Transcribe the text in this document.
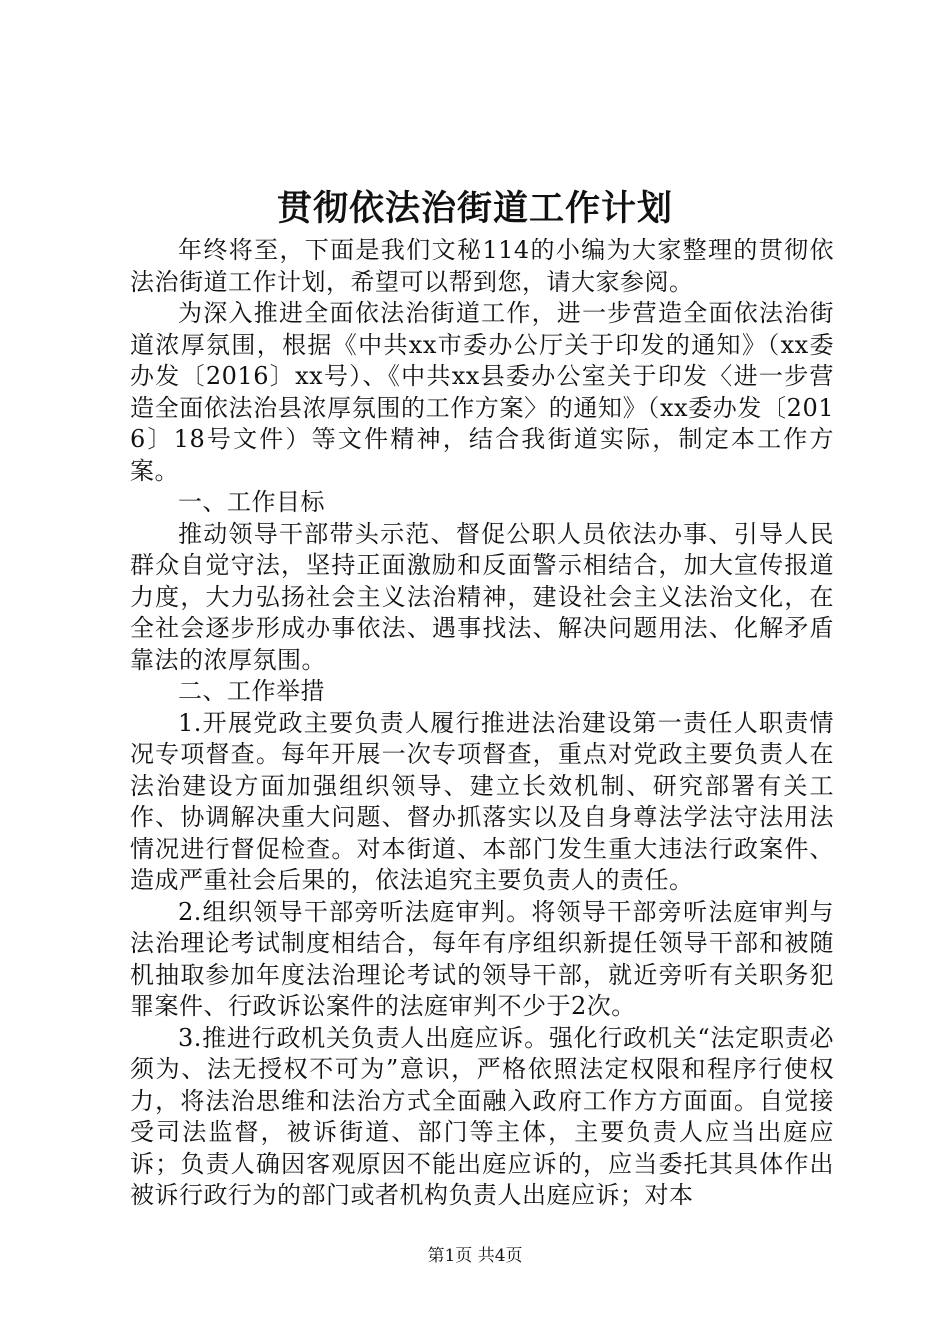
贯彻依法治街道工作计划

年终将至，下面是我们文秘114的小编为大家整理的贯彻依法治街道工作计划，希望可以帮到您，请大家参阅。

为深入推进全面依法治街道工作，进一步营造全面依法治街道浓厚氛围，根据《中共xx市委办公厅关于印发的通知》（xx委办发〔2016〕xx号）、《中共xx县委办公室关于印发〈进一步营造全面依法治县浓厚氛围的工作方案〉的通知》（xx委办发〔2016〕18号文件）等文件精神，结合我街道实际，制定本工作方案。

一、工作目标

推动领导干部带头示范、督促公职人员依法办事、引导人民群众自觉守法，坚持正面激励和反面警示相结合，加大宣传报道力度，大力弘扬社会主义法治精神，建设社会主义法治文化，在全社会逐步形成办事依法、遇事找法、解决问题用法、化解矛盾靠法的浓厚氛围。

二、工作举措

1.开展党政主要负责人履行推进法治建设第一责任人职责情况专项督查。每年开展一次专项督查，重点对党政主要负责人在法治建设方面加强组织领导、建立长效机制、研究部署有关工作、协调解决重大问题、督办抓落实以及自身尊法学法守法用法情况进行督促检查。对本街道、本部门发生重大违法行政案件、造成严重社会后果的，依法追究主要负责人的责任。

2.组织领导干部旁听法庭审判。将领导干部旁听法庭审判与法治理论考试制度相结合，每年有序组织新提任领导干部和被随机抽取参加年度法治理论考试的领导干部，就近旁听有关职务犯罪案件、行政诉讼案件的法庭审判不少于2次。

3.推进行政机关负责人出庭应诉。强化行政机关“法定职责必须为、法无授权不可为”意识，严格依照法定权限和程序行使权力，将法治思维和法治方式全面融入政府工作方方面面。自觉接受司法监督，被诉街道、部门等主体，主要负责人应当出庭应诉；负责人确因客观原因不能出庭应诉的，应当委托其具体作出被诉行政行为的部门或者机构负责人出庭应诉；对本

第1页 共4页
